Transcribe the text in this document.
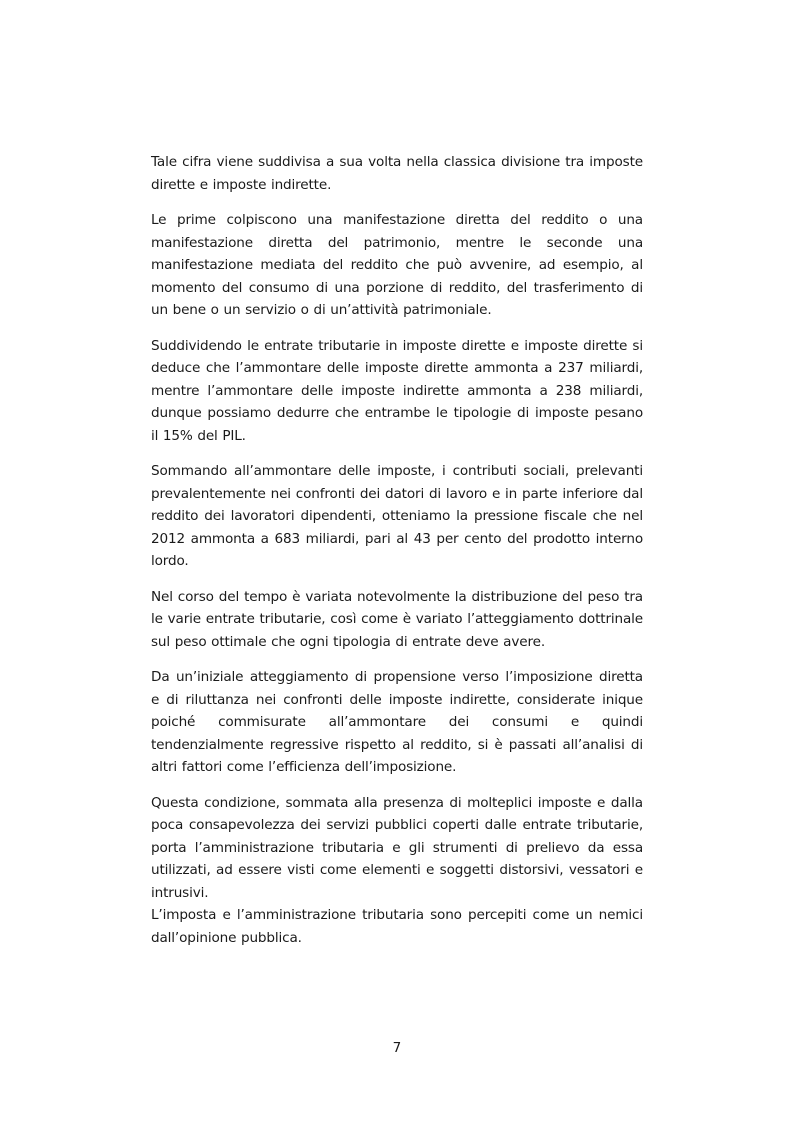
Tale cifra viene suddivisa a sua volta nella classica divisione tra imposte dirette e imposte indirette.

Le prime colpiscono una manifestazione diretta del reddito o una manifestazione diretta del patrimonio, mentre le seconde una manifestazione mediata del reddito che può avvenire, ad esempio, al momento del consumo di una porzione di reddito, del trasferimento di un bene o un servizio o di un’attività patrimoniale.

Suddividendo le entrate tributarie in imposte dirette e imposte dirette si deduce che l’ammontare delle imposte dirette ammonta a 237 miliardi, mentre l’ammontare delle imposte indirette ammonta a 238 miliardi, dunque possiamo dedurre che entrambe le tipologie di imposte pesano il 15% del PIL.

Sommando all’ammontare delle imposte, i contributi sociali, prelevanti prevalentemente nei confronti dei datori di lavoro e in parte inferiore dal reddito dei lavoratori dipendenti, otteniamo la pressione fiscale che nel 2012 ammonta a 683 miliardi, pari al 43 per cento del prodotto interno lordo.

Nel corso del tempo è variata notevolmente la distribuzione del peso tra le varie entrate tributarie, così come è variato l’atteggiamento dottrinale sul peso ottimale che ogni tipologia di entrate deve avere.

Da un’iniziale atteggiamento di propensione verso l’imposizione diretta e di riluttanza nei confronti delle imposte indirette, considerate inique poiché commisurate all’ammontare dei consumi e quindi tendenzialmente regressive rispetto al reddito, si è passati all’analisi di altri fattori come l’efficienza dell’imposizione.

Questa condizione, sommata alla presenza di molteplici imposte e dalla poca consapevolezza dei servizi pubblici coperti dalle entrate tributarie, porta l’amministrazione tributaria e gli strumenti di prelievo da essa utilizzati, ad essere visti come elementi e soggetti distorsivi, vessatori e intrusivi.

L’imposta e l’amministrazione tributaria sono percepiti come un nemici dall’opinione pubblica.

7
